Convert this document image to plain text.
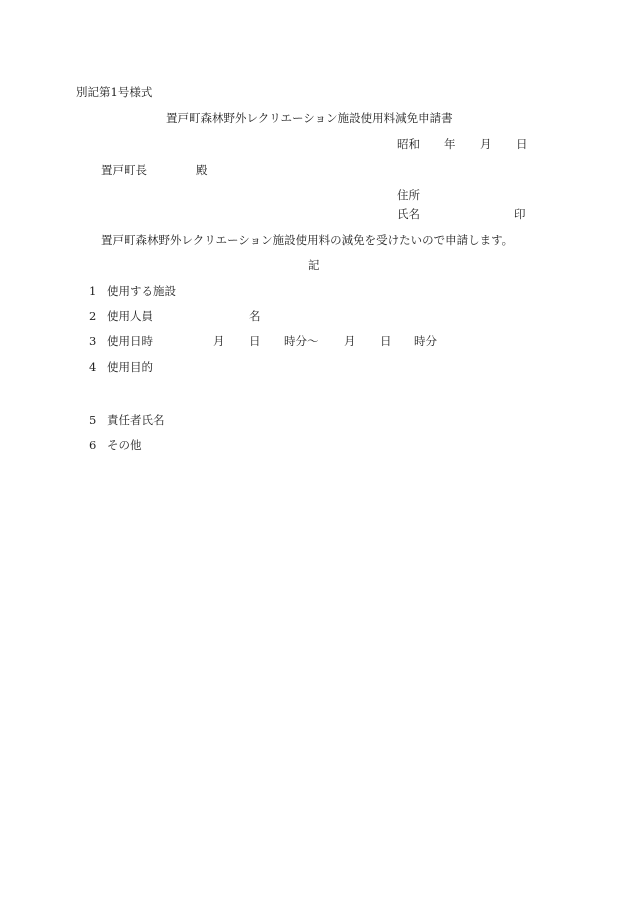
別記第1号様式
置戸町森林野外レクリエーション施設使用料減免申請書
昭和 年 月 日
置戸町長	殿
住所
氏名	印
置戸町森林野外レクリエーション施設使用料の減免を受けたいので申請します。
記
1 使用する施設
2 使用人員	名
3 使用日時	月 日 時分〜 月 日 時分
4 使用目的
5 責任者氏名
6 その他
